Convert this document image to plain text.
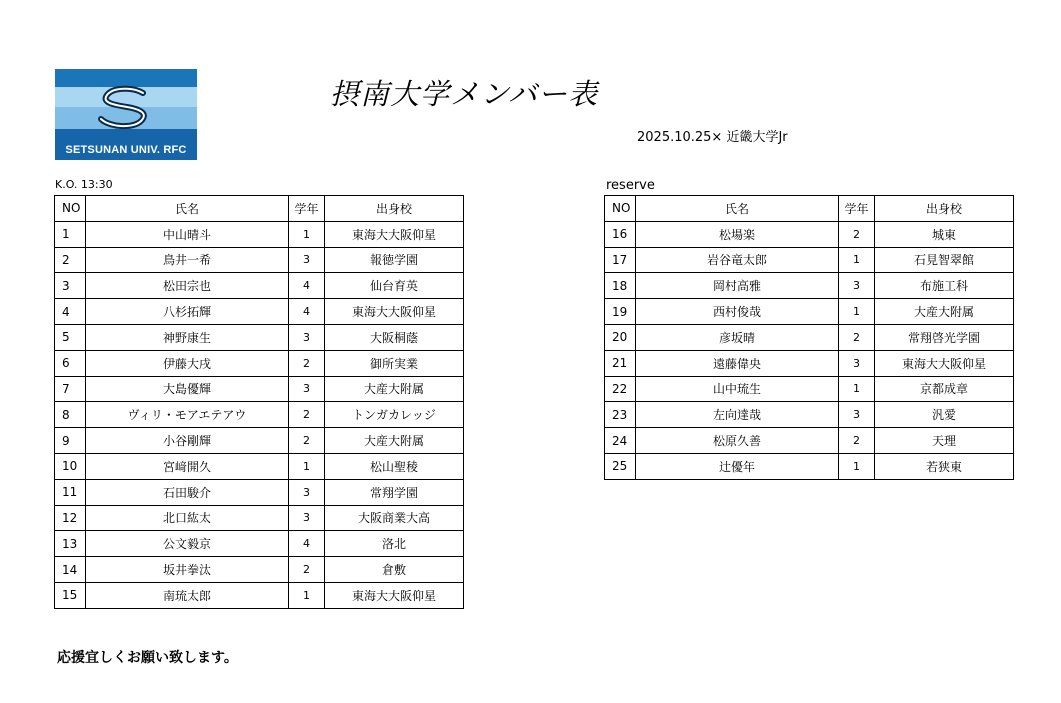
SETSUNAN UNIV. RFC
摂南大学メンバー表
2025.10.25× 近畿大学Jr
K.O. 13:30	reserve
NO	氏名	学年	出身校
1	中山晴斗	1	東海大大阪仰星
2	鳥井一希	3	報徳学園
3	松田宗也	4	仙台育英
4	八杉拓輝	4	東海大大阪仰星
5	神野康生	3	大阪桐蔭
6	伊藤大戌	2	御所実業
7	大島優輝	3	大産大附属
8	ヴィリ・モアエテアウ	2	トンガカレッジ
9	小谷剛輝	2	大産大附属
10	宮﨑開久	1	松山聖稜
11	石田駿介	3	常翔学園
12	北口紘太	3	大阪商業大高
13	公文毅京	4	洛北
14	坂井拳汰	2	倉敷
15	南琉太郎	1	東海大大阪仰星
NO	氏名	学年	出身校
16	松場楽	2	城東
17	岩谷竜太郎	1	石見智翠館
18	岡村高雅	3	布施工科
19	西村俊哉	1	大産大附属
20	彦坂晴	2	常翔啓光学園
21	遠藤偉央	3	東海大大阪仰星
22	山中琉生	1	京都成章
23	左向達哉	3	汎愛
24	松原久善	2	天理
25	辻優年	1	若狭東
応援宜しくお願い致します。
